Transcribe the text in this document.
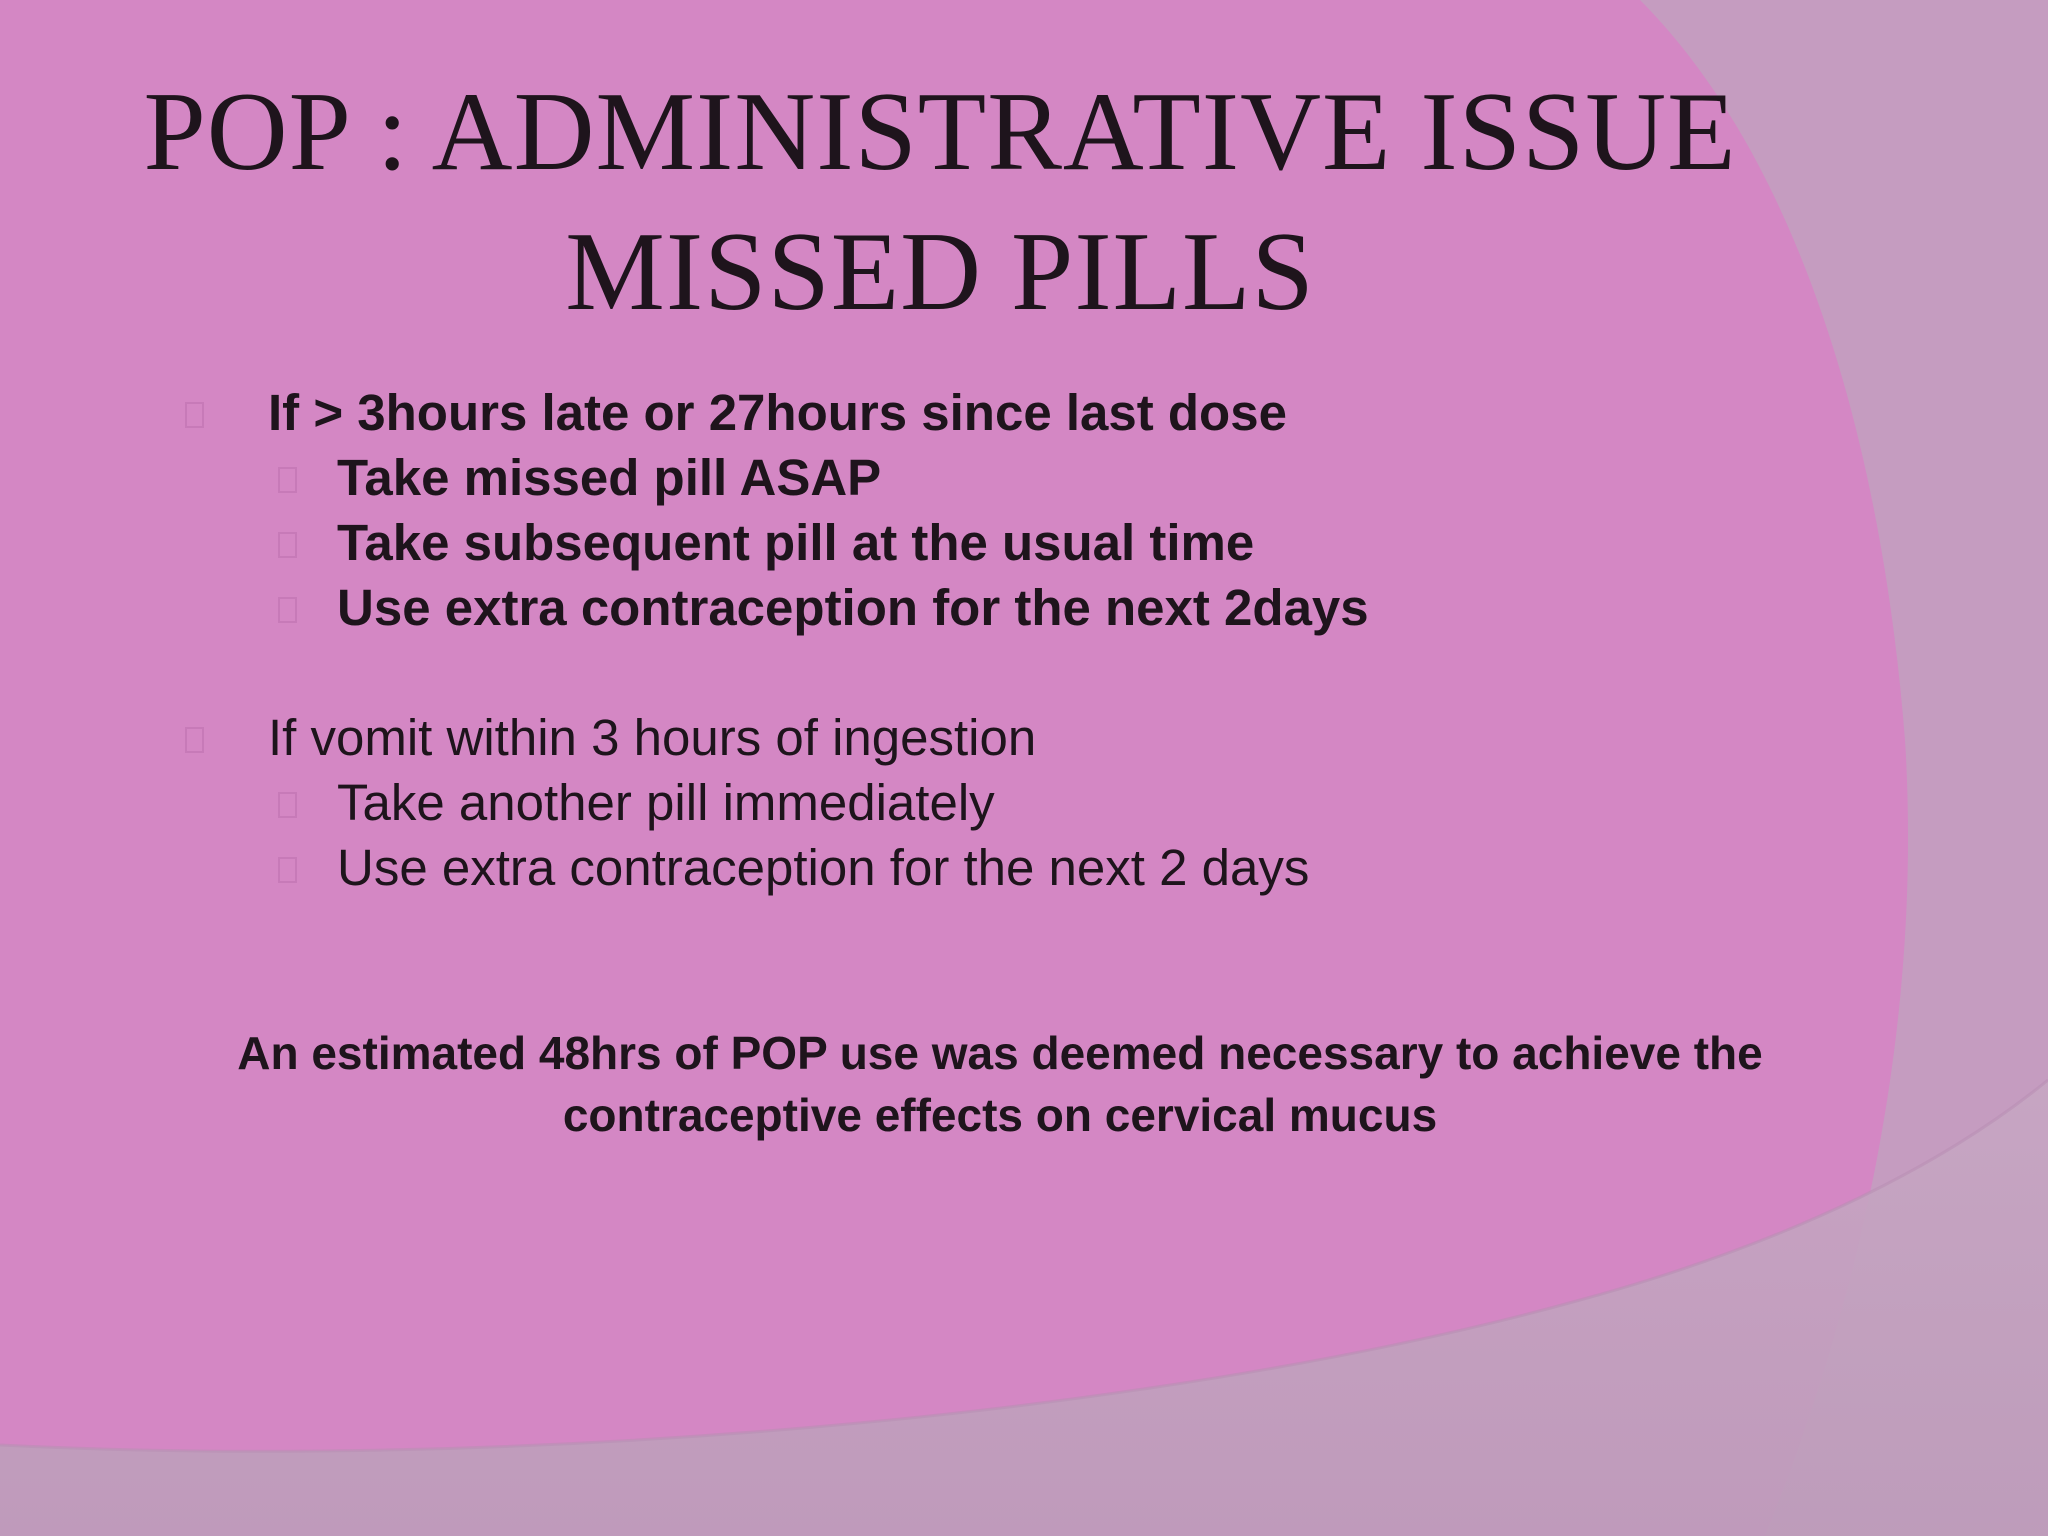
POP : ADMINISTRATIVE ISSUE
MISSED PILLS
If > 3hours late or 27hours since last dose
Take missed pill ASAP
Take subsequent pill at the usual time
Use extra contraception for the next 2days
If vomit within 3 hours of ingestion
Take another pill immediately
Use extra contraception for the next 2 days
An estimated 48hrs of POP use was deemed necessary to achieve the contraceptive effects on cervical mucus
